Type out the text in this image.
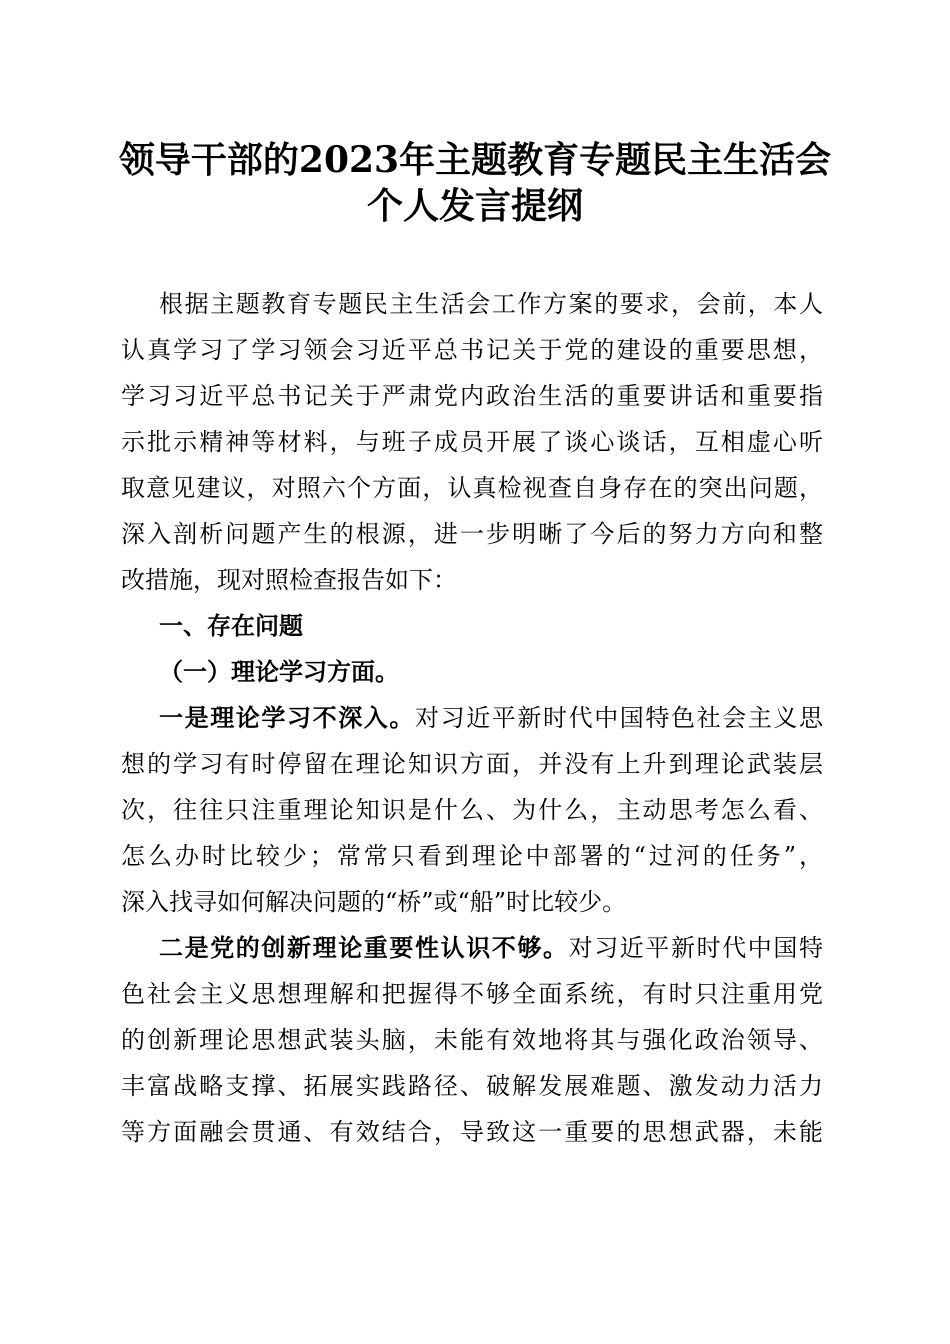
领导干部的2023年主题教育专题民主生活会
个人发言提纲
根据主题教育专题民主生活会工作方案的要求，会前，本人
认真学习了学习领会习近平总书记关于党的建设的重要思想，
学习习近平总书记关于严肃党内政治生活的重要讲话和重要指
示批示精神等材料，与班子成员开展了谈心谈话，互相虚心听
取意见建议，对照六个方面，认真检视查自身存在的突出问题，
深入剖析问题产生的根源，进一步明晰了今后的努力方向和整
改措施，现对照检查报告如下：
一、存在问题
（一）理论学习方面。
一是理论学习不深入。对习近平新时代中国特色社会主义思
想的学习有时停留在理论知识方面，并没有上升到理论武装层
次，往往只注重理论知识是什么、为什么，主动思考怎么看、
怎么办时比较少；常常只看到理论中部署的“过河的任务”，
深入找寻如何解决问题的“桥”或“船”时比较少。
二是党的创新理论重要性认识不够。对习近平新时代中国特
色社会主义思想理解和把握得不够全面系统，有时只注重用党
的创新理论思想武装头脑，未能有效地将其与强化政治领导、
丰富战略支撑、拓展实践路径、破解发展难题、激发动力活力
等方面融会贯通、有效结合，导致这一重要的思想武器，未能
